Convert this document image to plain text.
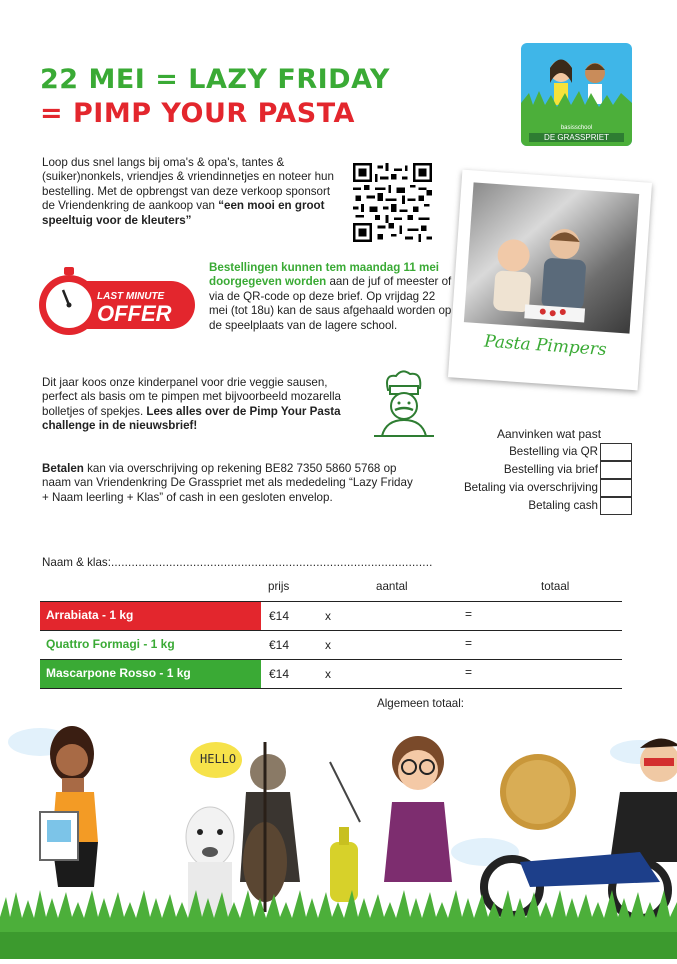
22 MEI = LAZY FRIDAY
= PIMP YOUR PASTA	basisschool
DE GRASSPRIET
Loop dus snel langs bij oma's & opa's, tantes & (suiker)nonkels, vriendjes & vriendinnetjes en noteer hun bestelling. Met de opbrengst van deze verkoop sponsort de Vriendenkring de aankoop van “een mooi en groot speeltuig voor de kleuters”
Pasta Pimpers
LAST MINUTE
OFFER
Bestellingen kunnen tem maandag 11 mei doorgegeven worden aan de juf of meester of via de QR-code op deze brief. Op vrijdag 22 mei (tot 18u) kan de saus afgehaald worden op de speelplaats van de lagere school.
Dit jaar koos onze kinderpanel voor drie veggie sausen, perfect als basis om te pimpen met bijvoorbeeld mozarella bolletjes of spekjes. Lees alles over de Pimp Your Pasta challenge in de nieuwsbrief!
Aanvinken wat past
Bestelling via QR
Bestelling via brief
Betaling via overschrijving
Betaling cash
Betalen kan via overschrijving op rekening BE82 7350 5860 5768 op naam van Vriendenkring De Grasspriet met als mededeling “Lazy Friday + Naam leerling + Klas” of cash in een gesloten envelop.
Naam & klas:..............................................................................................
prijs	aantal	totaal
Arrabiata - 1 kg	€14	x	=
Quattro Formagi - 1 kg	€14	x	=
Mascarpone Rosso - 1 kg	€14	x	=
Algemeen totaal:
HELLO
